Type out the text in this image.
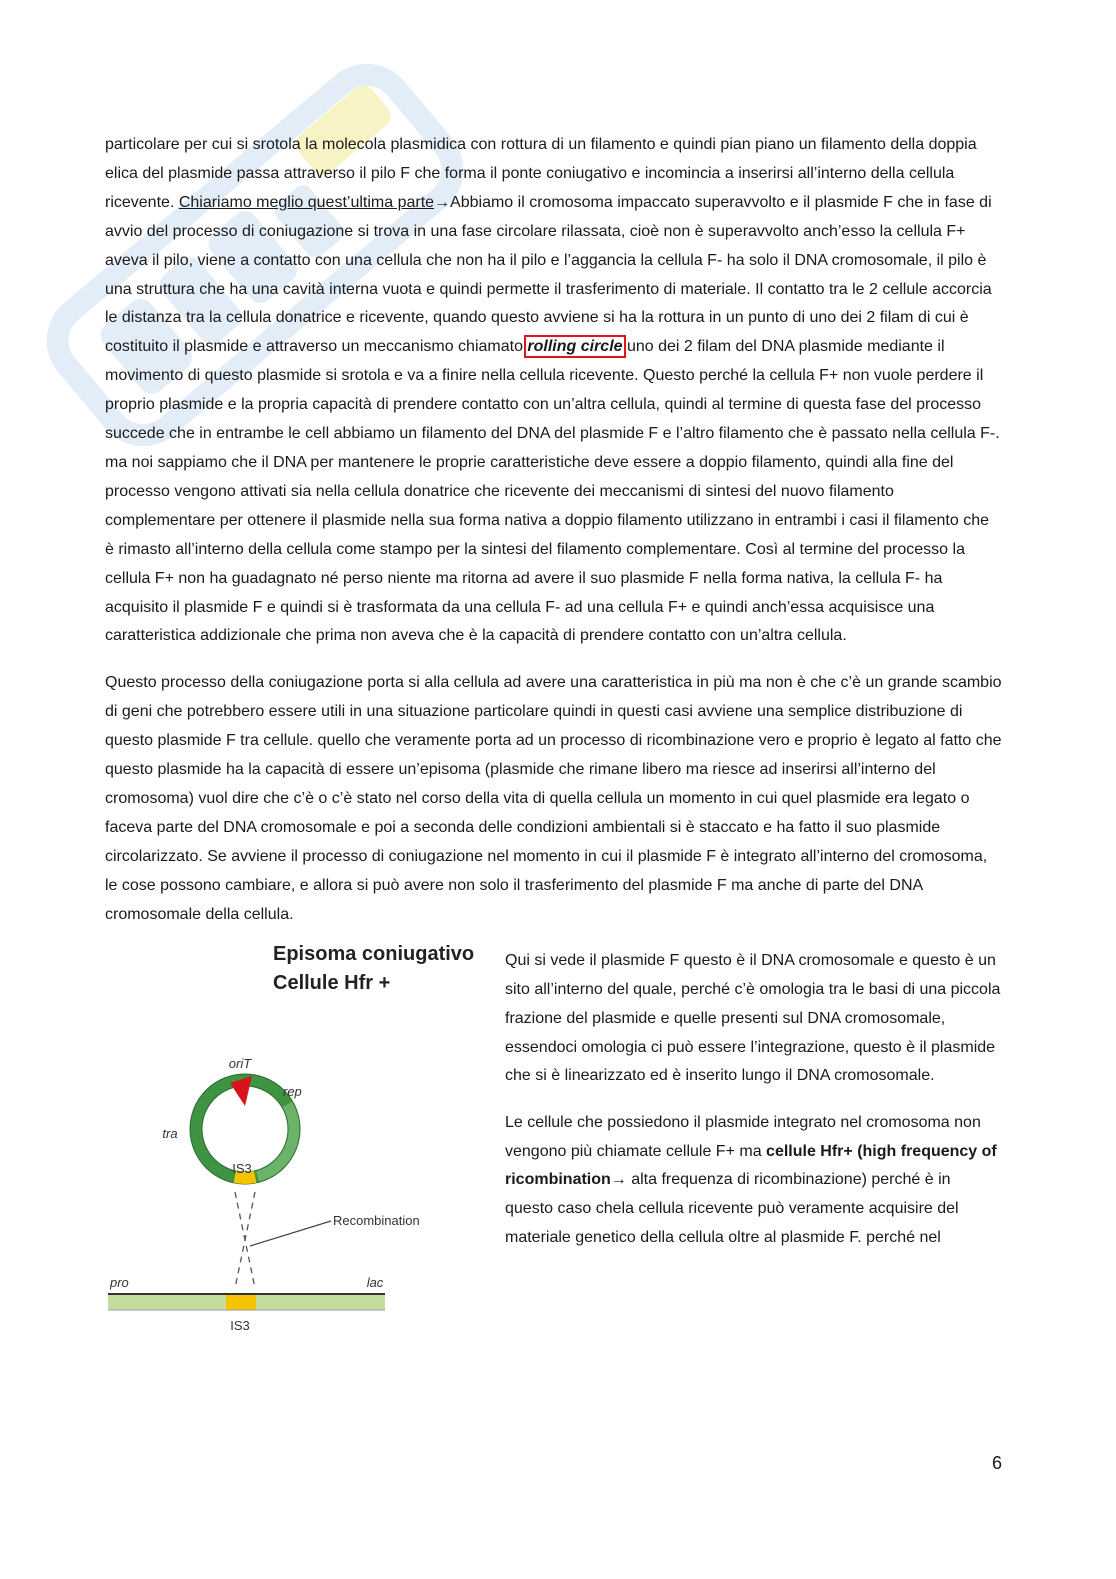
particolare per cui si srotola la molecola plasmidica con rottura di un filamento e quindi pian piano un filamento della doppia elica del plasmide passa attraverso il pilo F che forma il ponte coniugativo e incomincia a inserirsi all’interno della cellula ricevente. Chiariamo meglio quest’ultima parte→Abbiamo il cromosoma impaccato superavvolto e il plasmide F che in fase di avvio del processo di coniugazione si trova in una fase circolare rilassata, cioè non è superavvolto anch’esso la cellula F+ aveva il pilo, viene a contatto con una cellula che non ha il pilo e l’aggancia la cellula F- ha solo il DNA cromosomale, il pilo è una struttura che ha una cavità interna vuota e quindi permette il trasferimento di materiale. Il contatto tra le 2 cellule accorcia le distanza tra la cellula donatrice e ricevente, quando questo avviene si ha la rottura in un punto di uno dei 2 filam di cui è costituito il plasmide e attraverso un meccanismo chiamato rolling circle uno dei 2 filam del DNA plasmide mediante il movimento di questo plasmide si srotola e va a finire nella cellula ricevente. Questo perché la cellula F+ non vuole perdere il proprio plasmide e la propria capacità di prendere contatto con un’altra cellula, quindi al termine di questa fase del processo succede che in entrambe le cell abbiamo un filamento del DNA del plasmide F e l’altro filamento che è passato nella cellula F-. ma noi sappiamo che il DNA per mantenere le proprie caratteristiche deve essere a doppio filamento, quindi alla fine del processo vengono attivati sia nella cellula donatrice che ricevente dei meccanismi di sintesi del nuovo filamento complementare per ottenere il plasmide nella sua forma nativa a doppio filamento utilizzano in entrambi i casi il filamento che è rimasto all’interno della cellula come stampo per la sintesi del filamento complementare. Così al termine del processo la cellula F+ non ha guadagnato né perso niente ma ritorna ad avere il suo plasmide F nella forma nativa, la cellula F- ha acquisito il plasmide F e quindi si è trasformata da una cellula F- ad una cellula F+ e quindi anch’essa acquisisce una caratteristica addizionale che prima non aveva che è la capacità di prendere contatto con un’altra cellula.

Questo processo della coniugazione porta si alla cellula ad avere una caratteristica in più ma non è che c’è un grande scambio di geni che potrebbero essere utili in una situazione particolare quindi in questi casi avviene una semplice distribuzione di questo plasmide F tra cellule. quello che veramente porta ad un processo di ricombinazione vero e proprio è legato al fatto che questo plasmide ha la capacità di essere un’episoma (plasmide che rimane libero ma riesce ad inserirsi all’interno del cromosoma) vuol dire che c’è o c’è stato nel corso della vita di quella cellula un momento in cui quel plasmide era legato o faceva parte del DNA cromosomale e poi a seconda delle condizioni ambientali si è staccato e ha fatto il suo plasmide circolarizzato. Se avviene il processo di coniugazione nel momento in cui il plasmide F è integrato all’interno del cromosoma, le cose possono cambiare, e allora si può avere non solo il trasferimento del plasmide F ma anche di parte del DNA cromosomale della cellula.

Episoma coniugativo
Cellule Hfr +
oriT
rep
tra
IS3
Recombination
pro	lac
IS3

Qui si vede il plasmide F questo è il DNA cromosomale e questo è un sito all’interno del quale, perché c’è omologia tra le basi di una piccola frazione del plasmide e quelle presenti sul DNA cromosomale, essendoci omologia ci può essere l’integrazione, questo è il plasmide che si è linearizzato ed è inserito lungo il DNA cromosomale.

Le cellule che possiedono il plasmide integrato nel cromosoma non vengono più chiamate cellule F+ ma cellule Hfr+ (high frequency of ricombination→ alta frequenza di ricombinazione) perché è in questo caso chela cellula ricevente può veramente acquisire del materiale genetico della cellula oltre al plasmide F. perché nel

6
